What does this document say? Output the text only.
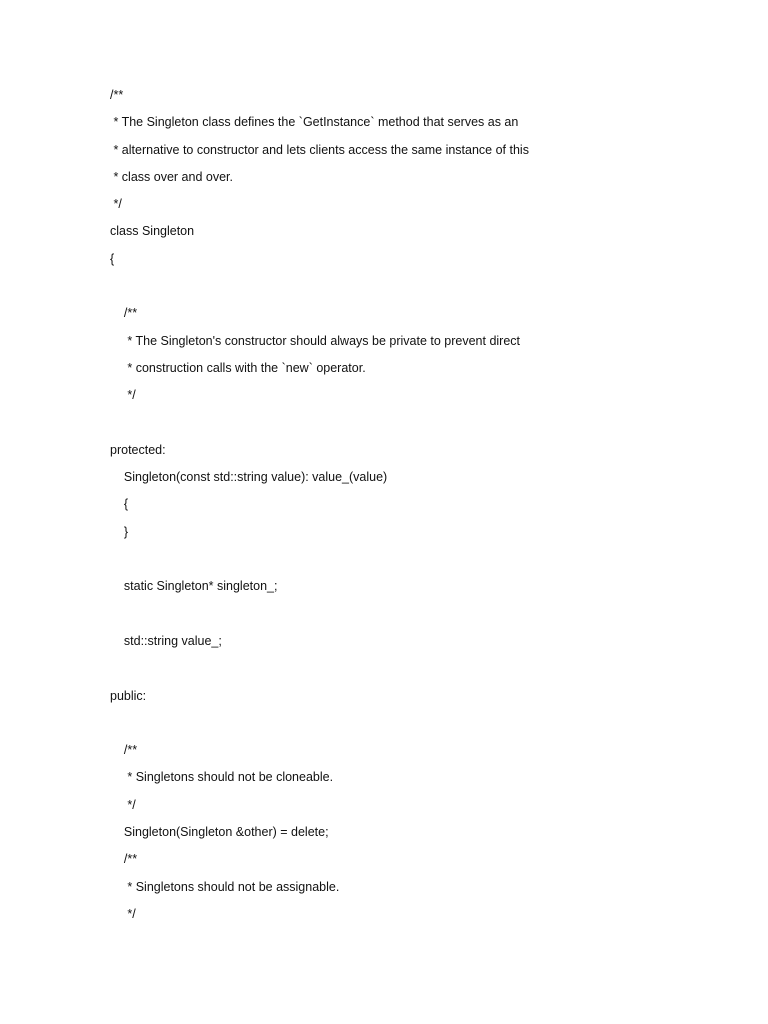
/**
* The Singleton class defines the `GetInstance` method that serves as an
* alternative to constructor and lets clients access the same instance of this
* class over and over.
*/
class Singleton
{
/**
* The Singleton's constructor should always be private to prevent direct
* construction calls with the `new` operator.
*/
protected:
Singleton(const std::string value): value_(value)
{
}
static Singleton* singleton_;
std::string value_;
public:
/**
* Singletons should not be cloneable.
*/
Singleton(Singleton &other) = delete;
/**
* Singletons should not be assignable.
*/
